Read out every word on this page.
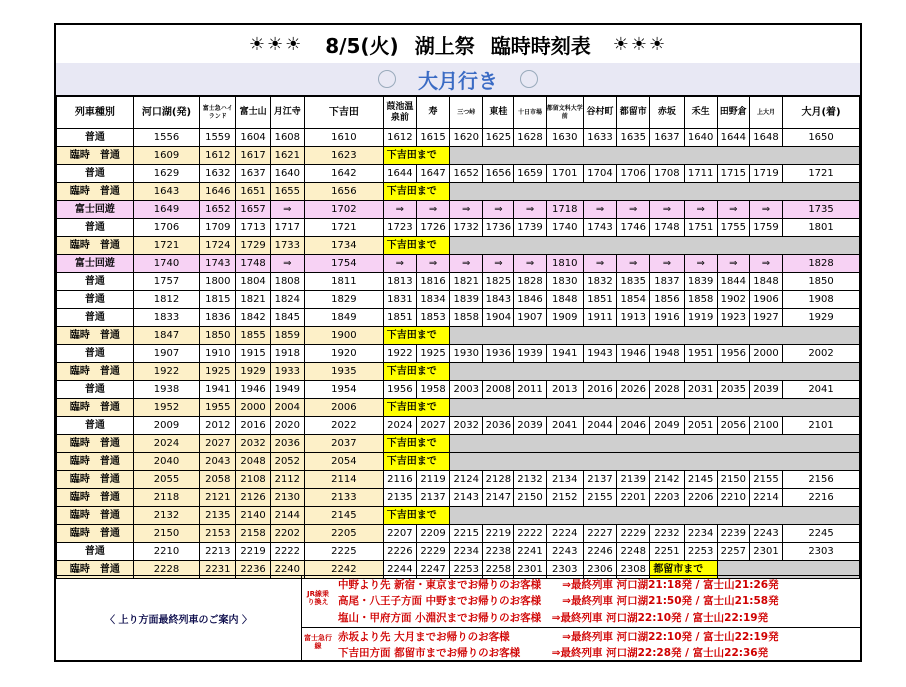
☀☀☀ 8/5(火) 湖上祭 臨時時刻表 ☀☀☀
大月行き
列車種別	河口湖(発)	富士急ハイランド	富士山	月江寺	下吉田	葭池温泉前	寿	三つ峠	東桂	十日市場	都留文科大学前	谷村町	都留市	赤坂	禾生	田野倉	上大月	大月(着)
普通	1556	1559	1604	1608	1610	1612	1615	1620	1625	1628	1630	1633	1635	1637	1640	1644	1648	1650
臨時　普通	1609	1612	1617	1621	1623	下吉田まで												
普通	1629	1632	1637	1640	1642	1644	1647	1652	1656	1659	1701	1704	1706	1708	1711	1715	1719	1721
臨時　普通	1643	1646	1651	1655	1656	下吉田まで												
富士回遊	1649	1652	1657	⇒	1702	⇒	⇒	⇒	⇒	⇒	1718	⇒	⇒	⇒	⇒	⇒	⇒	1735
普通	1706	1709	1713	1717	1721	1723	1726	1732	1736	1739	1740	1743	1746	1748	1751	1755	1759	1801
臨時　普通	1721	1724	1729	1733	1734	下吉田まで												
富士回遊	1740	1743	1748	⇒	1754	⇒	⇒	⇒	⇒	⇒	1810	⇒	⇒	⇒	⇒	⇒	⇒	1828
普通	1757	1800	1804	1808	1811	1813	1816	1821	1825	1828	1830	1832	1835	1837	1839	1844	1848	1850
普通	1812	1815	1821	1824	1829	1831	1834	1839	1843	1846	1848	1851	1854	1856	1858	1902	1906	1908
普通	1833	1836	1842	1845	1849	1851	1853	1858	1904	1907	1909	1911	1913	1916	1919	1923	1927	1929
臨時　普通	1847	1850	1855	1859	1900	下吉田まで												
普通	1907	1910	1915	1918	1920	1922	1925	1930	1936	1939	1941	1943	1946	1948	1951	1956	2000	2002
臨時　普通	1922	1925	1929	1933	1935	下吉田まで												
普通	1938	1941	1946	1949	1954	1956	1958	2003	2008	2011	2013	2016	2026	2028	2031	2035	2039	2041
臨時　普通	1952	1955	2000	2004	2006	下吉田まで												
普通	2009	2012	2016	2020	2022	2024	2027	2032	2036	2039	2041	2044	2046	2049	2051	2056	2100	2101
臨時　普通	2024	2027	2032	2036	2037	下吉田まで												
臨時　普通	2040	2043	2048	2052	2054	下吉田まで												
臨時　普通	2055	2058	2108	2112	2114	2116	2119	2124	2128	2132	2134	2137	2139	2142	2145	2150	2155	2156
臨時　普通	2118	2121	2126	2130	2133	2135	2137	2143	2147	2150	2152	2155	2201	2203	2206	2210	2214	2216
臨時　普通	2132	2135	2140	2144	2145	下吉田まで												
臨時　普通	2150	2153	2158	2202	2205	2207	2209	2215	2219	2222	2224	2227	2229	2232	2234	2239	2243	2245
普通	2210	2213	2219	2222	2225	2226	2229	2234	2238	2241	2243	2246	2248	2251	2253	2257	2301	2303
臨時　普通	2228	2231	2236	2240	2242	2244	2247	2253	2258	2301	2303	2306	2308	都留市まで				
〈 上り方面最終列車のご案内 〉
JR線乗り換え
中野より先 新宿・東京までお帰りのお客様　　⇒最終列車 河口湖21:18発 / 富士山21:26発
高尾・八王子方面 中野までお帰りのお客様　　⇒最終列車 河口湖21:50発 / 富士山21:58発
塩山・甲府方面 小淵沢までお帰りのお客様　⇒最終列車 河口湖22:10発 / 富士山22:19発
富士急行線
赤坂より先 大月までお帰りのお客様　　　　　⇒最終列車 河口湖22:10発 / 富士山22:19発
下吉田方面 都留市までお帰りのお客様　　　⇒最終列車 河口湖22:28発 / 富士山22:36発
